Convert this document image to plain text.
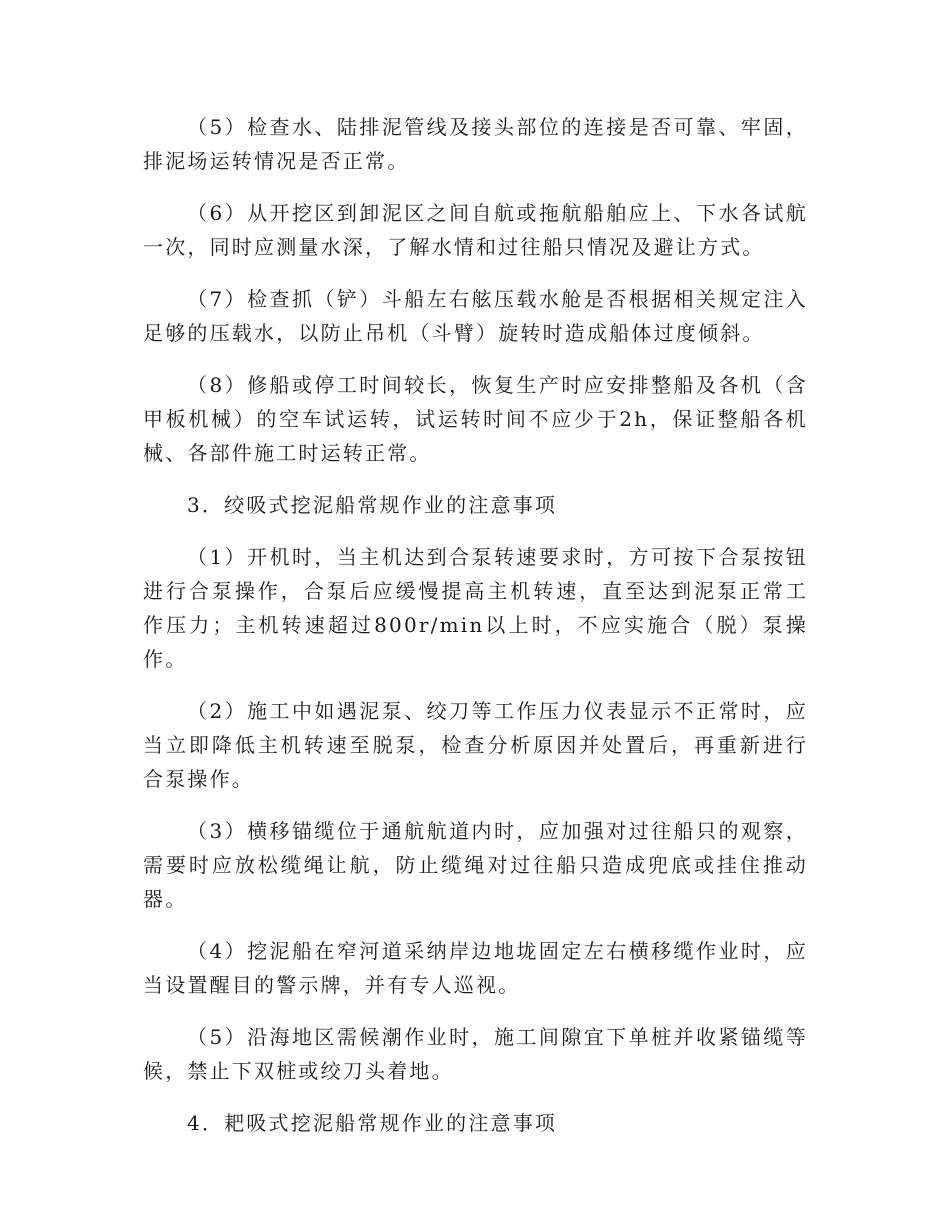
（5）检查水、陆排泥管线及接头部位的连接是否可靠、牢固，排泥场运转情况是否正常。

（6）从开挖区到卸泥区之间自航或拖航船舶应上、下水各试航一次，同时应测量水深，了解水情和过往船只情况及避让方式。

（7）检查抓（铲）斗船左右舷压载水舱是否根据相关规定注入足够的压载水，以防止吊机（斗臂）旋转时造成船体过度倾斜。

（8）修船或停工时间较长，恢复生产时应安排整船及各机（含甲板机械）的空车试运转，试运转时间不应少于2h，保证整船各机械、各部件施工时运转正常。

3．绞吸式挖泥船常规作业的注意事项

（1）开机时，当主机达到合泵转速要求时，方可按下合泵按钮进行合泵操作，合泵后应缓慢提高主机转速，直至达到泥泵正常工作压力；主机转速超过800r/min以上时，不应实施合（脱）泵操作。

（2）施工中如遇泥泵、绞刀等工作压力仪表显示不正常时，应当立即降低主机转速至脱泵，检查分析原因并处置后，再重新进行合泵操作。

（3）横移锚缆位于通航航道内时，应加强对过往船只的观察，需要时应放松缆绳让航，防止缆绳对过往船只造成兜底或挂住推动器。

（4）挖泥船在窄河道采纳岸边地垅固定左右横移缆作业时，应当设置醒目的警示牌，并有专人巡视。

（5）沿海地区需候潮作业时，施工间隙宜下单桩并收紧锚缆等候，禁止下双桩或绞刀头着地。

4．耙吸式挖泥船常规作业的注意事项
